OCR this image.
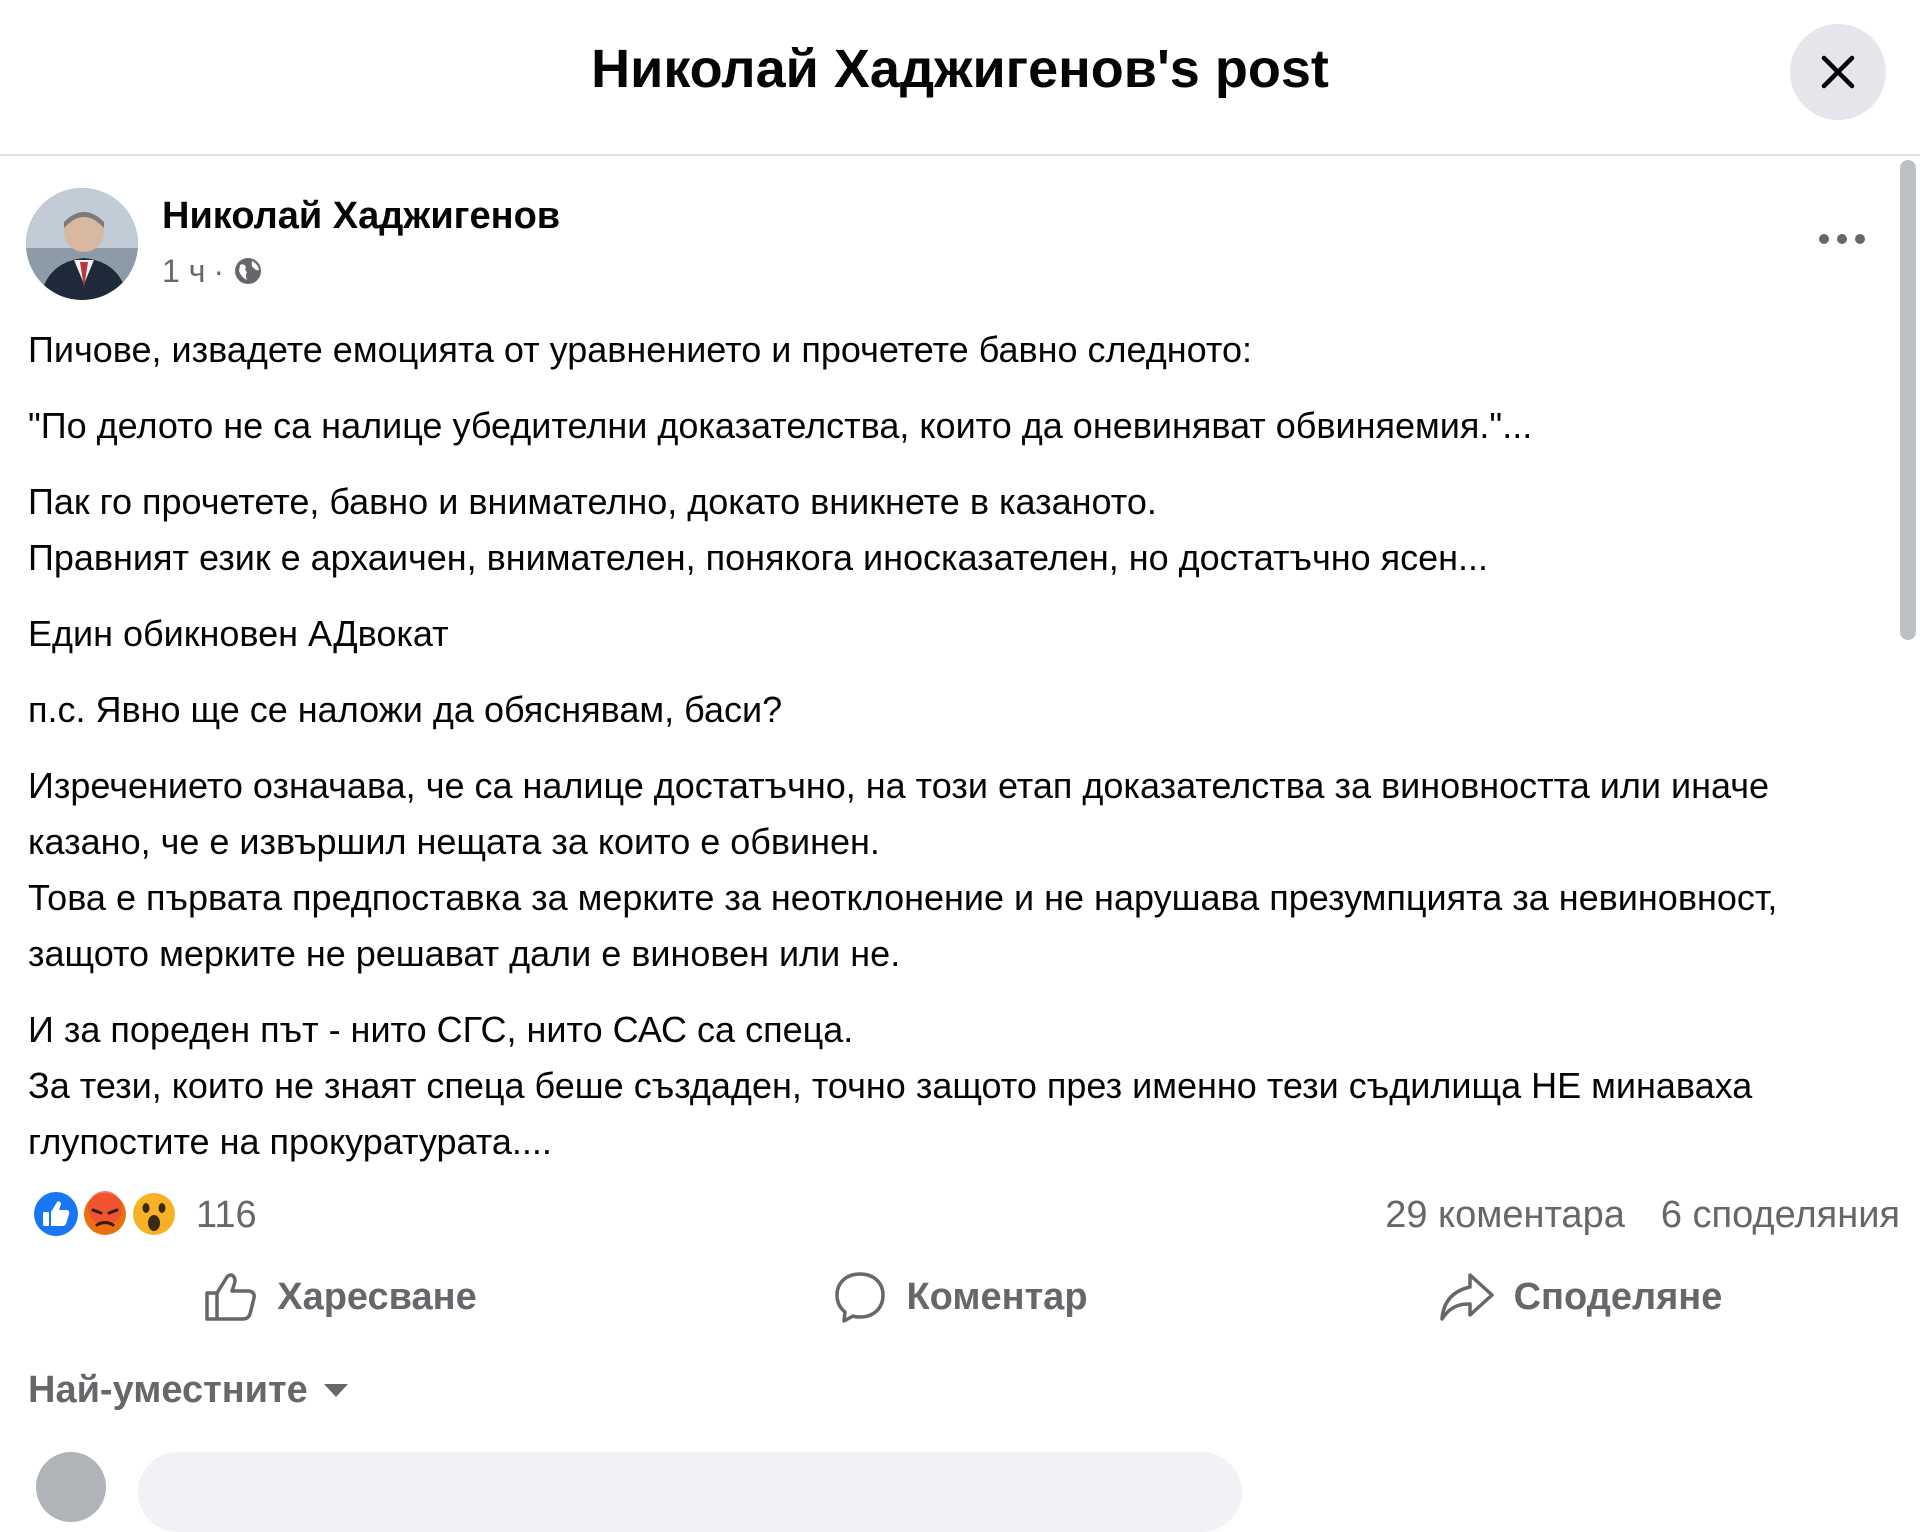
Николай Хаджигенов's post
Николай Хаджигенов
1 ч ·

Пичове, извадете емоцията от уравнението и прочетете бавно следното:

"По делото не са налице убедителни доказателства, които да оневиняват обвиняемия."...

Пак го прочетете, бавно и внимателно, докато вникнете в казаното.
Правният език е архаичен, внимателен, понякога иносказателен, но достатъчно ясен...

Един обикновен АДвокат

п.с. Явно ще се наложи да обяснявам, баси?

Изречението означава, че са налице достатъчно, на този етап доказателства за виновността или иначе казано, че е извършил нещата за които е обвинен.
Това е първата предпоставка за мерките за неотклонение и не нарушава презумпцията за невиновност, защото мерките не решават дали е виновен или не.

И за пореден път - нито СГС, нито САС са спеца.
За тези, които не знаят спеца беше създаден, точно защото през именно тези съдилища НЕ минаваха глупостите на прокуратурата....

116	29 коментара 6 споделяния
Харесване	Коментар	Споделяне
Най-уместните
